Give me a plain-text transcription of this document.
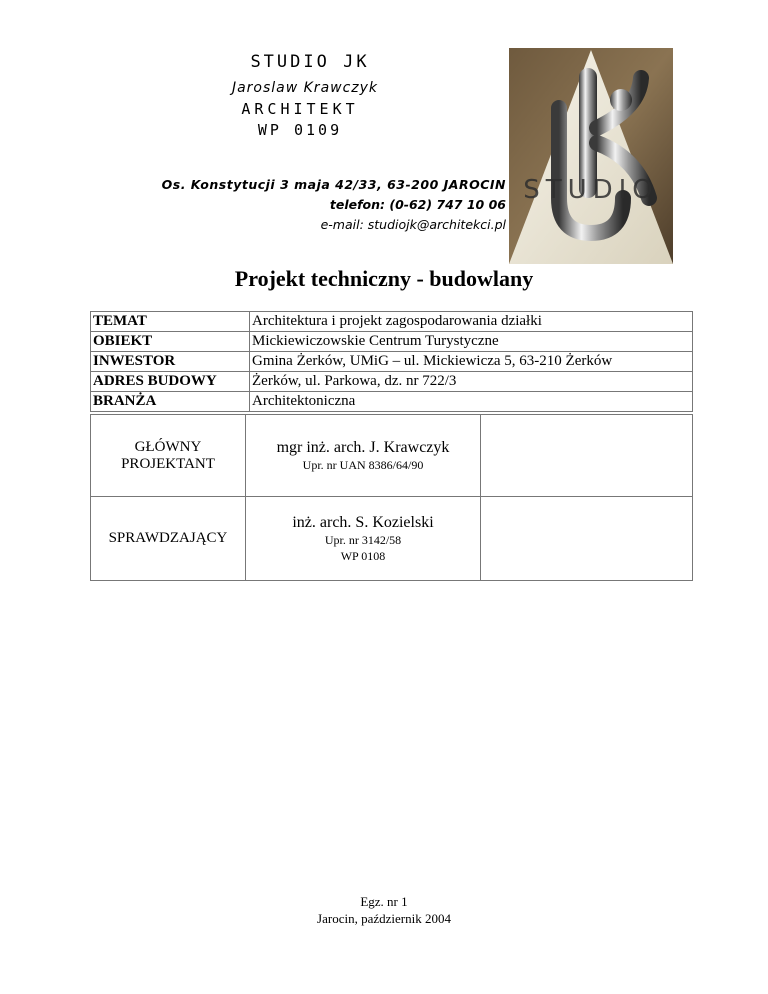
STUDIO JK
Jaroslaw Krawczyk
ARCHITEKT
WP 0109
Os. Konstytucji 3 maja 42/33, 63-200 JAROCIN
telefon: (0-62) 747 10 06
e-mail: studiojk@architekci.pl
STUDIO
Projekt techniczny - budowlany
TEMAT	Architektura i projekt zagospodarowania działki
OBIEKT	Mickiewiczowskie Centrum Turystyczne
INWESTOR	Gmina Żerków, UMiG – ul. Mickiewicza 5, 63-210 Żerków
ADRES BUDOWY	Żerków, ul. Parkowa, dz. nr 722/3
BRANŻA	Architektoniczna
GŁÓWNY
PROJEKTANT	mgr inż. arch. J. Krawczyk
Upr. nr UAN 8386/64/90	

SPRAWDZAJĄCY	inż. arch. S. Kozielski
Upr. nr 3142/58
WP 0108	

Egz. nr 1
Jarocin, październik 2004
